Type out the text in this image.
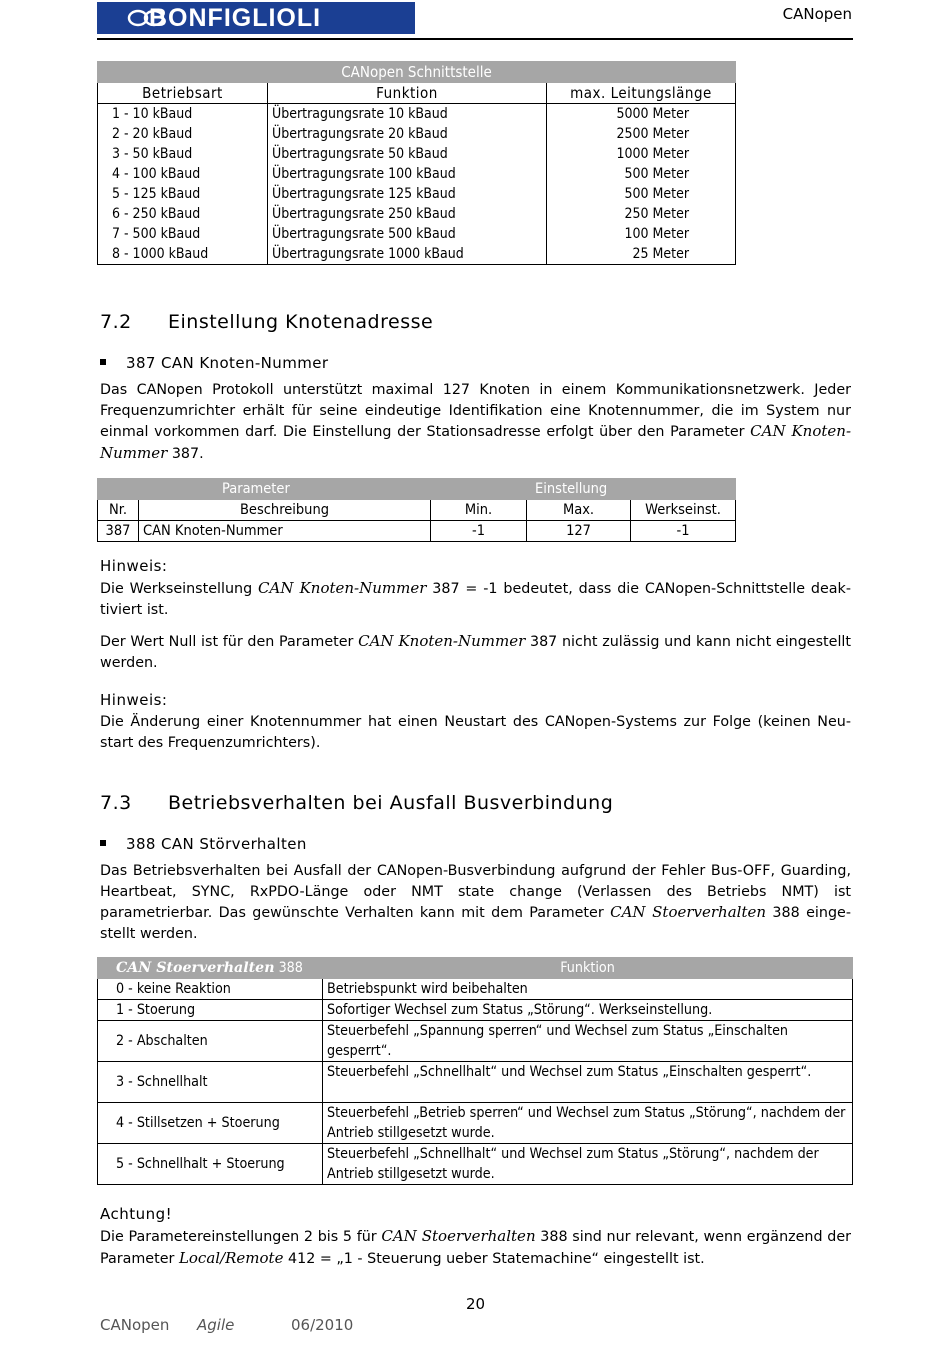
BONFIGLIOLI	CANopen
CANopen Schnittstelle		
Betriebsart	Funktion	max. Leitungslänge
1 - 10 kBaud	Übertragungsrate 10 kBaud	5000 Meter
2 - 20 kBaud	Übertragungsrate 20 kBaud	2500 Meter
3 - 50 kBaud	Übertragungsrate 50 kBaud	1000 Meter
4 - 100 kBaud	Übertragungsrate 100 kBaud	500 Meter
5 - 125 kBaud	Übertragungsrate 125 kBaud	500 Meter
6 - 250 kBaud	Übertragungsrate 250 kBaud	250 Meter
7 - 500 kBaud	Übertragungsrate 500 kBaud	100 Meter
8 - 1000 kBaud	Übertragungsrate 1000 kBaud	25 Meter
7.2 Einstellung Knotenadresse
387 CAN Knoten-Nummer
Das CANopen Protokoll unterstützt maximal 127 Knoten in einem Kommunikationsnetzwerk. Jeder Frequenzumrichter erhält für seine eindeutige Identifikation eine Knotennummer, die im System nur einmal vorkommen darf. Die Einstellung der Stationsadresse erfolgt über den Parameter CAN Knoten-Nummer 387.
Parameter			Einstellung	
Nr.	Beschreibung	Min.	Max.	Werkseinst.
387	CAN Knoten-Nummer	-1	127	-1
Hinweis:
Die Werkseinstellung CAN Knoten-Nummer 387 = -1 bedeutet, dass die CANopen-Schnittstelle deaktiviert ist.
Der Wert Null ist für den Parameter CAN Knoten-Nummer 387 nicht zulässig und kann nicht eingestellt werden.
Hinweis:
Die Änderung einer Knotennummer hat einen Neustart des CANopen-Systems zur Folge (keinen Neustart des Frequenzumrichters).
7.3 Betriebsverhalten bei Ausfall Busverbindung
388 CAN Störverhalten
Das Betriebsverhalten bei Ausfall der CANopen-Busverbindung aufgrund der Fehler Bus-OFF, Guarding, Heartbeat, SYNC, RxPDO-Länge oder NMT state change (Verlassen des Betriebs NMT) ist parametrierbar. Das gewünschte Verhalten kann mit dem Parameter CAN Stoerverhalten 388 eingestellt werden.
CAN Stoerverhalten 388	Funktion
0 - keine Reaktion	Betriebspunkt wird beibehalten
1 - Stoerung	Sofortiger Wechsel zum Status „Störung“. Werkseinstellung.
2 - Abschalten	Steuerbefehl „Spannung sperren“ und Wechsel zum Status „Einschalten gesperrt“.
3 - Schnellhalt	Steuerbefehl „Schnellhalt“ und Wechsel zum Status „Einschalten gesperrt“.
4 - Stillsetzen + Stoerung	Steuerbefehl „Betrieb sperren“ und Wechsel zum Status „Störung“, nachdem der Antrieb stillgesetzt wurde.
5 - Schnellhalt + Stoerung	Steuerbefehl „Schnellhalt“ und Wechsel zum Status „Störung“, nachdem der Antrieb stillgesetzt wurde.
Achtung!
Die Parametereinstellungen 2 bis 5 für CAN Stoerverhalten 388 sind nur relevant, wenn ergänzend der Parameter Local/Remote 412 = „1 - Steuerung ueber Statemachine“ eingestellt ist.
20
CANopen Agile	06/2010
